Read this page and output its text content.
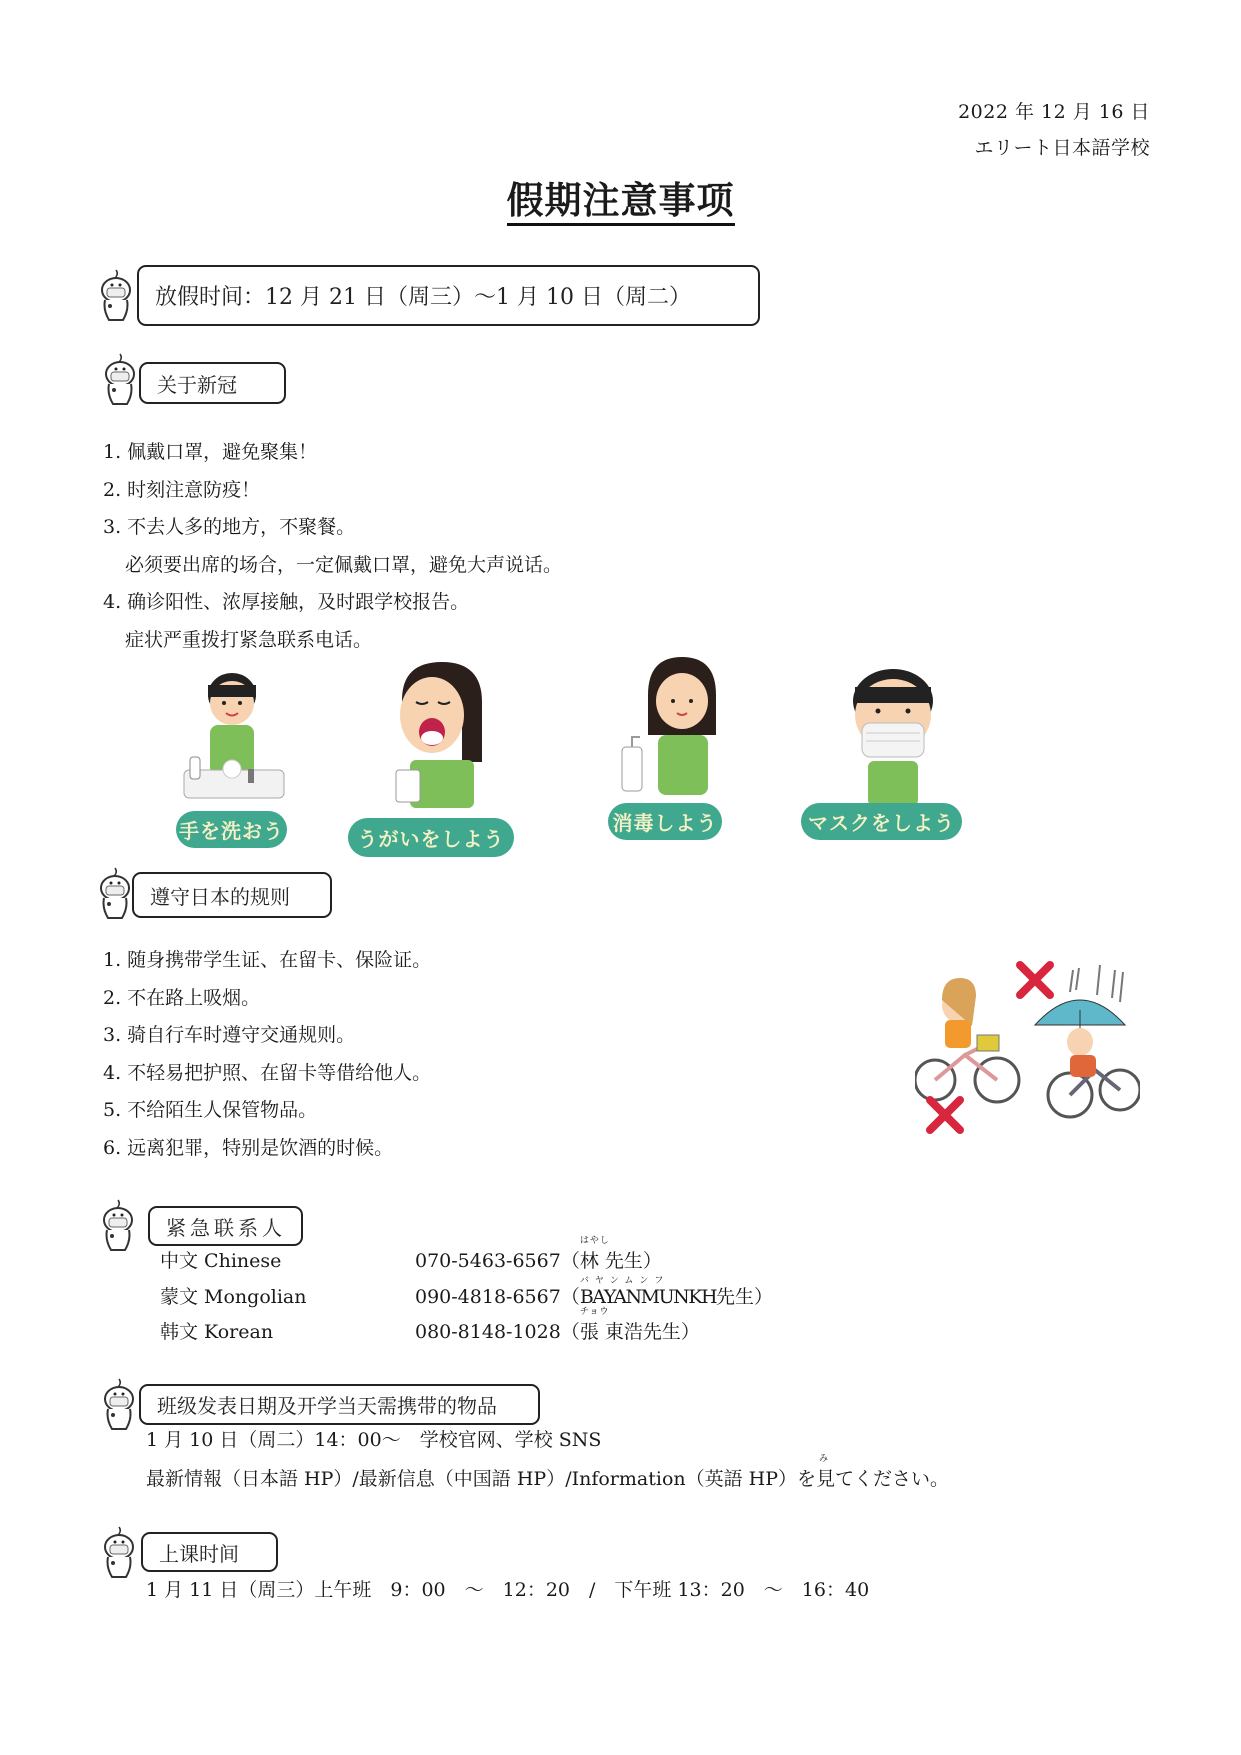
2022 年 12 月 16 日
エリート日本語学校
假期注意事项
放假时间：12 月 21 日（周三）～1 月 10 日（周二）
关于新冠
1. 佩戴口罩，避免聚集！
2. 时刻注意防疫！
3. 不去人多的地方，不聚餐。
必须要出席的场合，一定佩戴口罩，避免大声说话。
4. 确诊阳性、浓厚接触，及时跟学校报告。
症状严重拨打紧急联系电话。
手を洗おう	うがいをしよう
消毒しよう	マスクをしよう
遵守日本的规则
1. 随身携带学生证、在留卡、保险证。
2. 不在路上吸烟。
3. 骑自行车时遵守交通规则。
4. 不轻易把护照、在留卡等借给他人。
5. 不给陌生人保管物品。
6. 远离犯罪，特别是饮酒的时候。
紧急联系人
中文 Chinese	070-5463-6567（
はやし
林 先生）
蒙文 Mongolian	090-4818-6567（
バヤンムンフ
BAYANMUNKH先生）
韩文 Korean	080-8148-1028（
チョウ
張 東浩先生）
班级发表日期及开学当天需携带的物品
1 月 10 日（周二）14：00～　学校官网、学校 SNS
最新情報（日本語 HP）/最新信息（中国語 HP）/Information（英語 HP）を
み
見てください。
上课时间
1 月 11 日（周三）上午班　9：00　～　12：20　/　下午班 13：20　～　16：40
